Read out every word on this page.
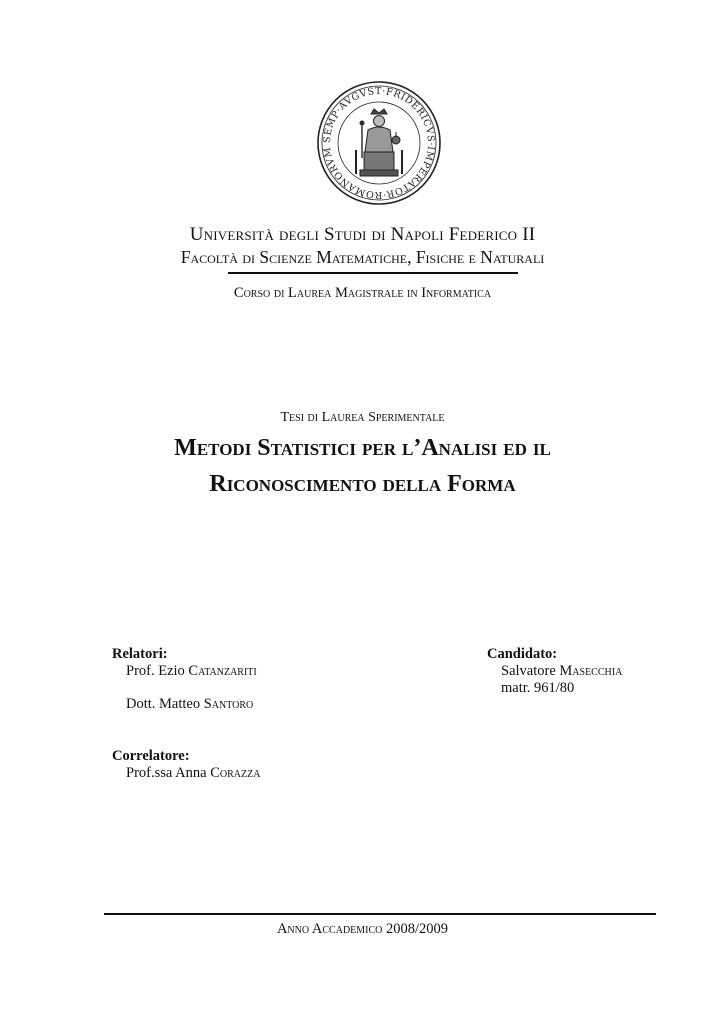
SEMP·AVGVST·FRIDERICVS·IMPERATOR·ROMANORVM
Università degli Studi di Napoli Federico II
Facoltà di Scienze Matematiche, Fisiche e Naturali
Corso di Laurea Magistrale in Informatica
Tesi di Laurea Sperimentale
Metodi Statistici per l’Analisi ed il
Riconoscimento della Forma
Relatori:
Prof. Ezio Catanzariti
Dott. Matteo Santoro
Candidato:
Salvatore Masecchia
matr. 961/80
Correlatore:
Prof.ssa Anna Corazza
Anno Accademico 2008/2009
